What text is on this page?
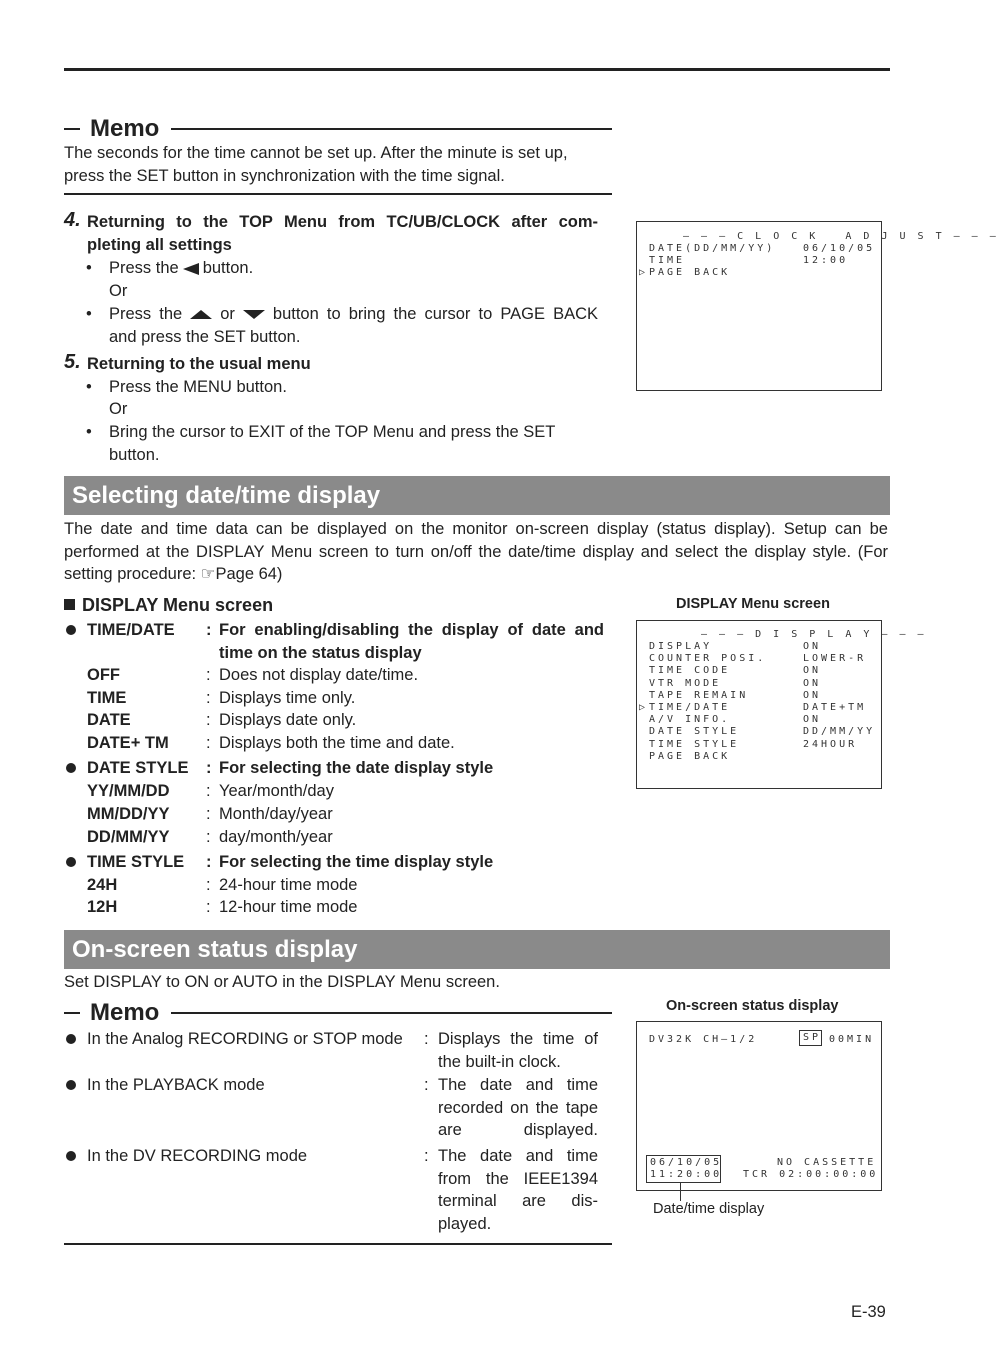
Memo
The seconds for the time cannot be set up. After the minute is set up, press the SET button in synchronization with the time signal.
4. Returning to the TOP Menu from TC/UB/CLOCK after com- pleting all settings
• Press the button.
Or
• Press the or button to bring the cursor to PAGE BACK and press the SET button.
5. Returning to the usual menu
• Press the MENU button.
Or
• Bring the cursor to EXIT of the TOP Menu and press the SET button.
– – – C L O C K   A D J U S T – – –
DATE(DD/MM/YY)	06/10/05
TIME	12:00
▷ PAGE BACK
Selecting date/time display
The date and time data can be displayed on the monitor on-screen display (status display). Setup can be performed at the DISPLAY Menu screen to turn on/off the date/time display and select the display style. (For setting procedure: ☞Page 64)
DISPLAY Menu screen
TIME/DATE : For enabling/disabling the display of date and time on the status display
OFF	: Does not display date/time.
TIME	: Displays time only.
DATE	: Displays date only.
DATE+ TM : Displays both the time and date.
DATE STYLE : For selecting the date display style
YY/MM/DD : Year/month/day
MM/DD/YY : Month/day/year
DD/MM/YY : day/month/year
TIME STYLE : For selecting the time display style
24H	: 24-hour time mode
12H	: 12-hour time mode
DISPLAY Menu screen
– – – D I S P L A Y – – –
DISPLAY	ON
COUNTER POSI.	LOWER-R
TIME CODE	ON
VTR MODE	ON
TAPE REMAIN	ON
▷ TIME/DATE	DATE+TM
A/V INFO.	ON
DATE STYLE	DD/MM/YY
TIME STYLE	24HOUR
PAGE BACK
On-screen status display
Set DISPLAY to ON or AUTO in the DISPLAY Menu screen.
Memo
In the Analog RECORDING or STOP mode : Displays the time of the built-in clock.
In the PLAYBACK mode	: The date and time recorded on the tape are displayed.
In the DV RECORDING mode	: The date and time from the IEEE1394 terminal are dis- played.
On-screen status display
DV32K CH–1/2	SP 00MIN
06/10/05
11:20:00
NO CASSETTE
TCR 02:00:00:00
Date/time display
E-39
